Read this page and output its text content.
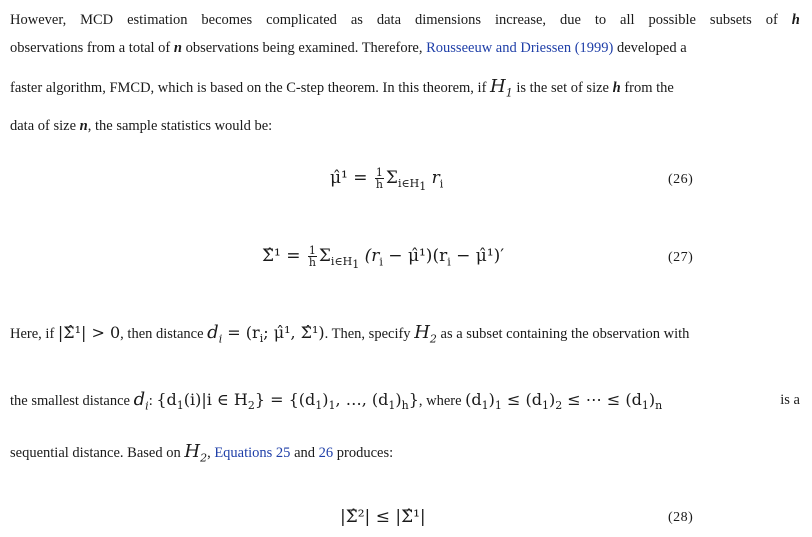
However, MCD estimation becomes complicated as data dimensions increase, due to all possible subsets of h
observations from a total of n observations being examined. Therefore, Rousseeuw and Driessen (1999) developed a
faster algorithm, FMCD, which is based on the C-step theorem. In this theorem, if $H_1$ is the set of size h from the
data of size n, the sample statistics would be:
μ̂¹ = $\frac{1}{h} \Sigma_{i\in H_1}$ $r_i$	(26)
Σ̂¹ = $\frac{1}{h} \Sigma_{i\in H_1}$ ($r_i$ − $\mû^1)(r_i$ − μ̂¹)′	(27)
Here, if |Σ̂¹| > 0, then distance $d_i = (r_i$; μ̂¹, Σ̂¹). Then, specify $H_2$ as a subset containing the observation with
the smallest distance $d_i$: {$d_1(i)|i$ ∈ $H_2\} = \{(d_1)_1$, …, $(d_1)_h$}, where $(d_1)_1 \le (d_1)_2$ ≤ ⋯ ≤ $(d_1)_n$	is a
sequential distance. Based on $H_2$, Equations 25 and 26 produces:
|Σ̂²| ≤ |Σ̂¹|	(28)
